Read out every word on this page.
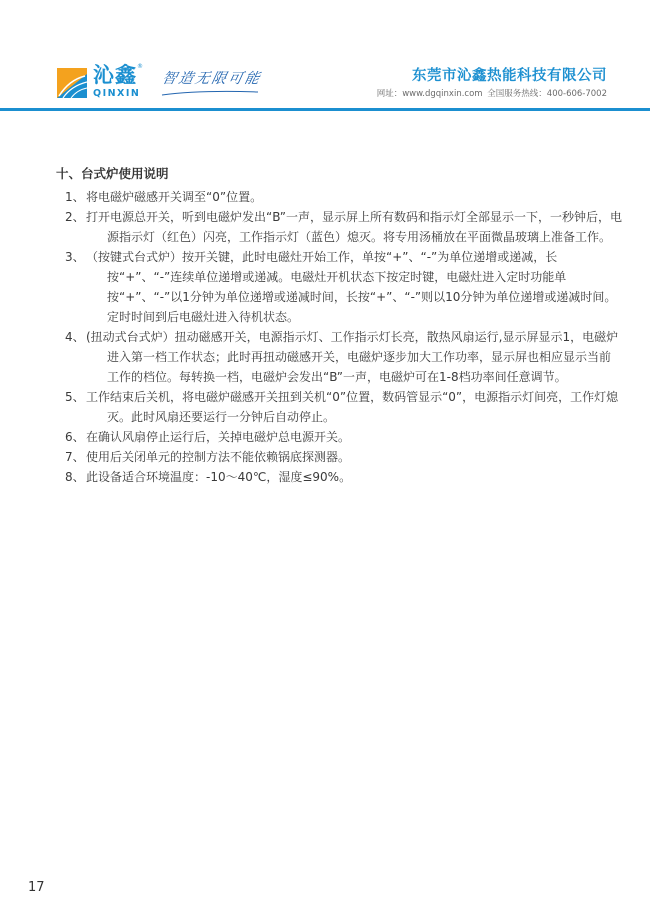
沁鑫 ®
QINXIN
智造无限可能	东莞市沁鑫热能科技有限公司
网址：www.dgqinxin.com 全国服务热线：400-606-7002
十、台式炉使用说明
1、将电磁炉磁感开关调至“0”位置。
2、打开电源总开关，听到电磁炉发出“B”一声，显示屏上所有数码和指示灯全部显示一下，一秒钟后，电源指示灯（红色）闪亮，工作指示灯（蓝色）熄灭。将专用汤桶放在平面微晶玻璃上准备工作。
3、（按键式台式炉）按开关键，此时电磁灶开始工作，单按“+”、“-”为单位递增或递减，长按“+”、“-”连续单位递增或递减。电磁灶开机状态下按定时键，电磁灶进入定时功能单按“+”、“-”以1分钟为单位递增或递减时间，长按“+”、“-”则以10分钟为单位递增或递减时间。
定时时间到后电磁灶进入待机状态。
4、(扭动式台式炉）扭动磁感开关，电源指示灯、工作指示灯长亮，散热风扇运行,显示屏显示1，电磁炉进入第一档工作状态；此时再扭动磁感开关，电磁炉逐步加大工作功率，显示屏也相应显示当前工作的档位。每转换一档，电磁炉会发出“B”一声，电磁炉可在1-8档功率间任意调节。
5、工作结束后关机，将电磁炉磁感开关扭到关机“0”位置，数码管显示“0”，电源指示灯间亮，工作灯熄灭。此时风扇还要运行一分钟后自动停止。
6、在确认风扇停止运行后，关掉电磁炉总电源开关。
7、使用后关闭单元的控制方法不能依赖锅底探测器。
8、此设备适合环境温度：-10～40℃，湿度≤90%。
17
